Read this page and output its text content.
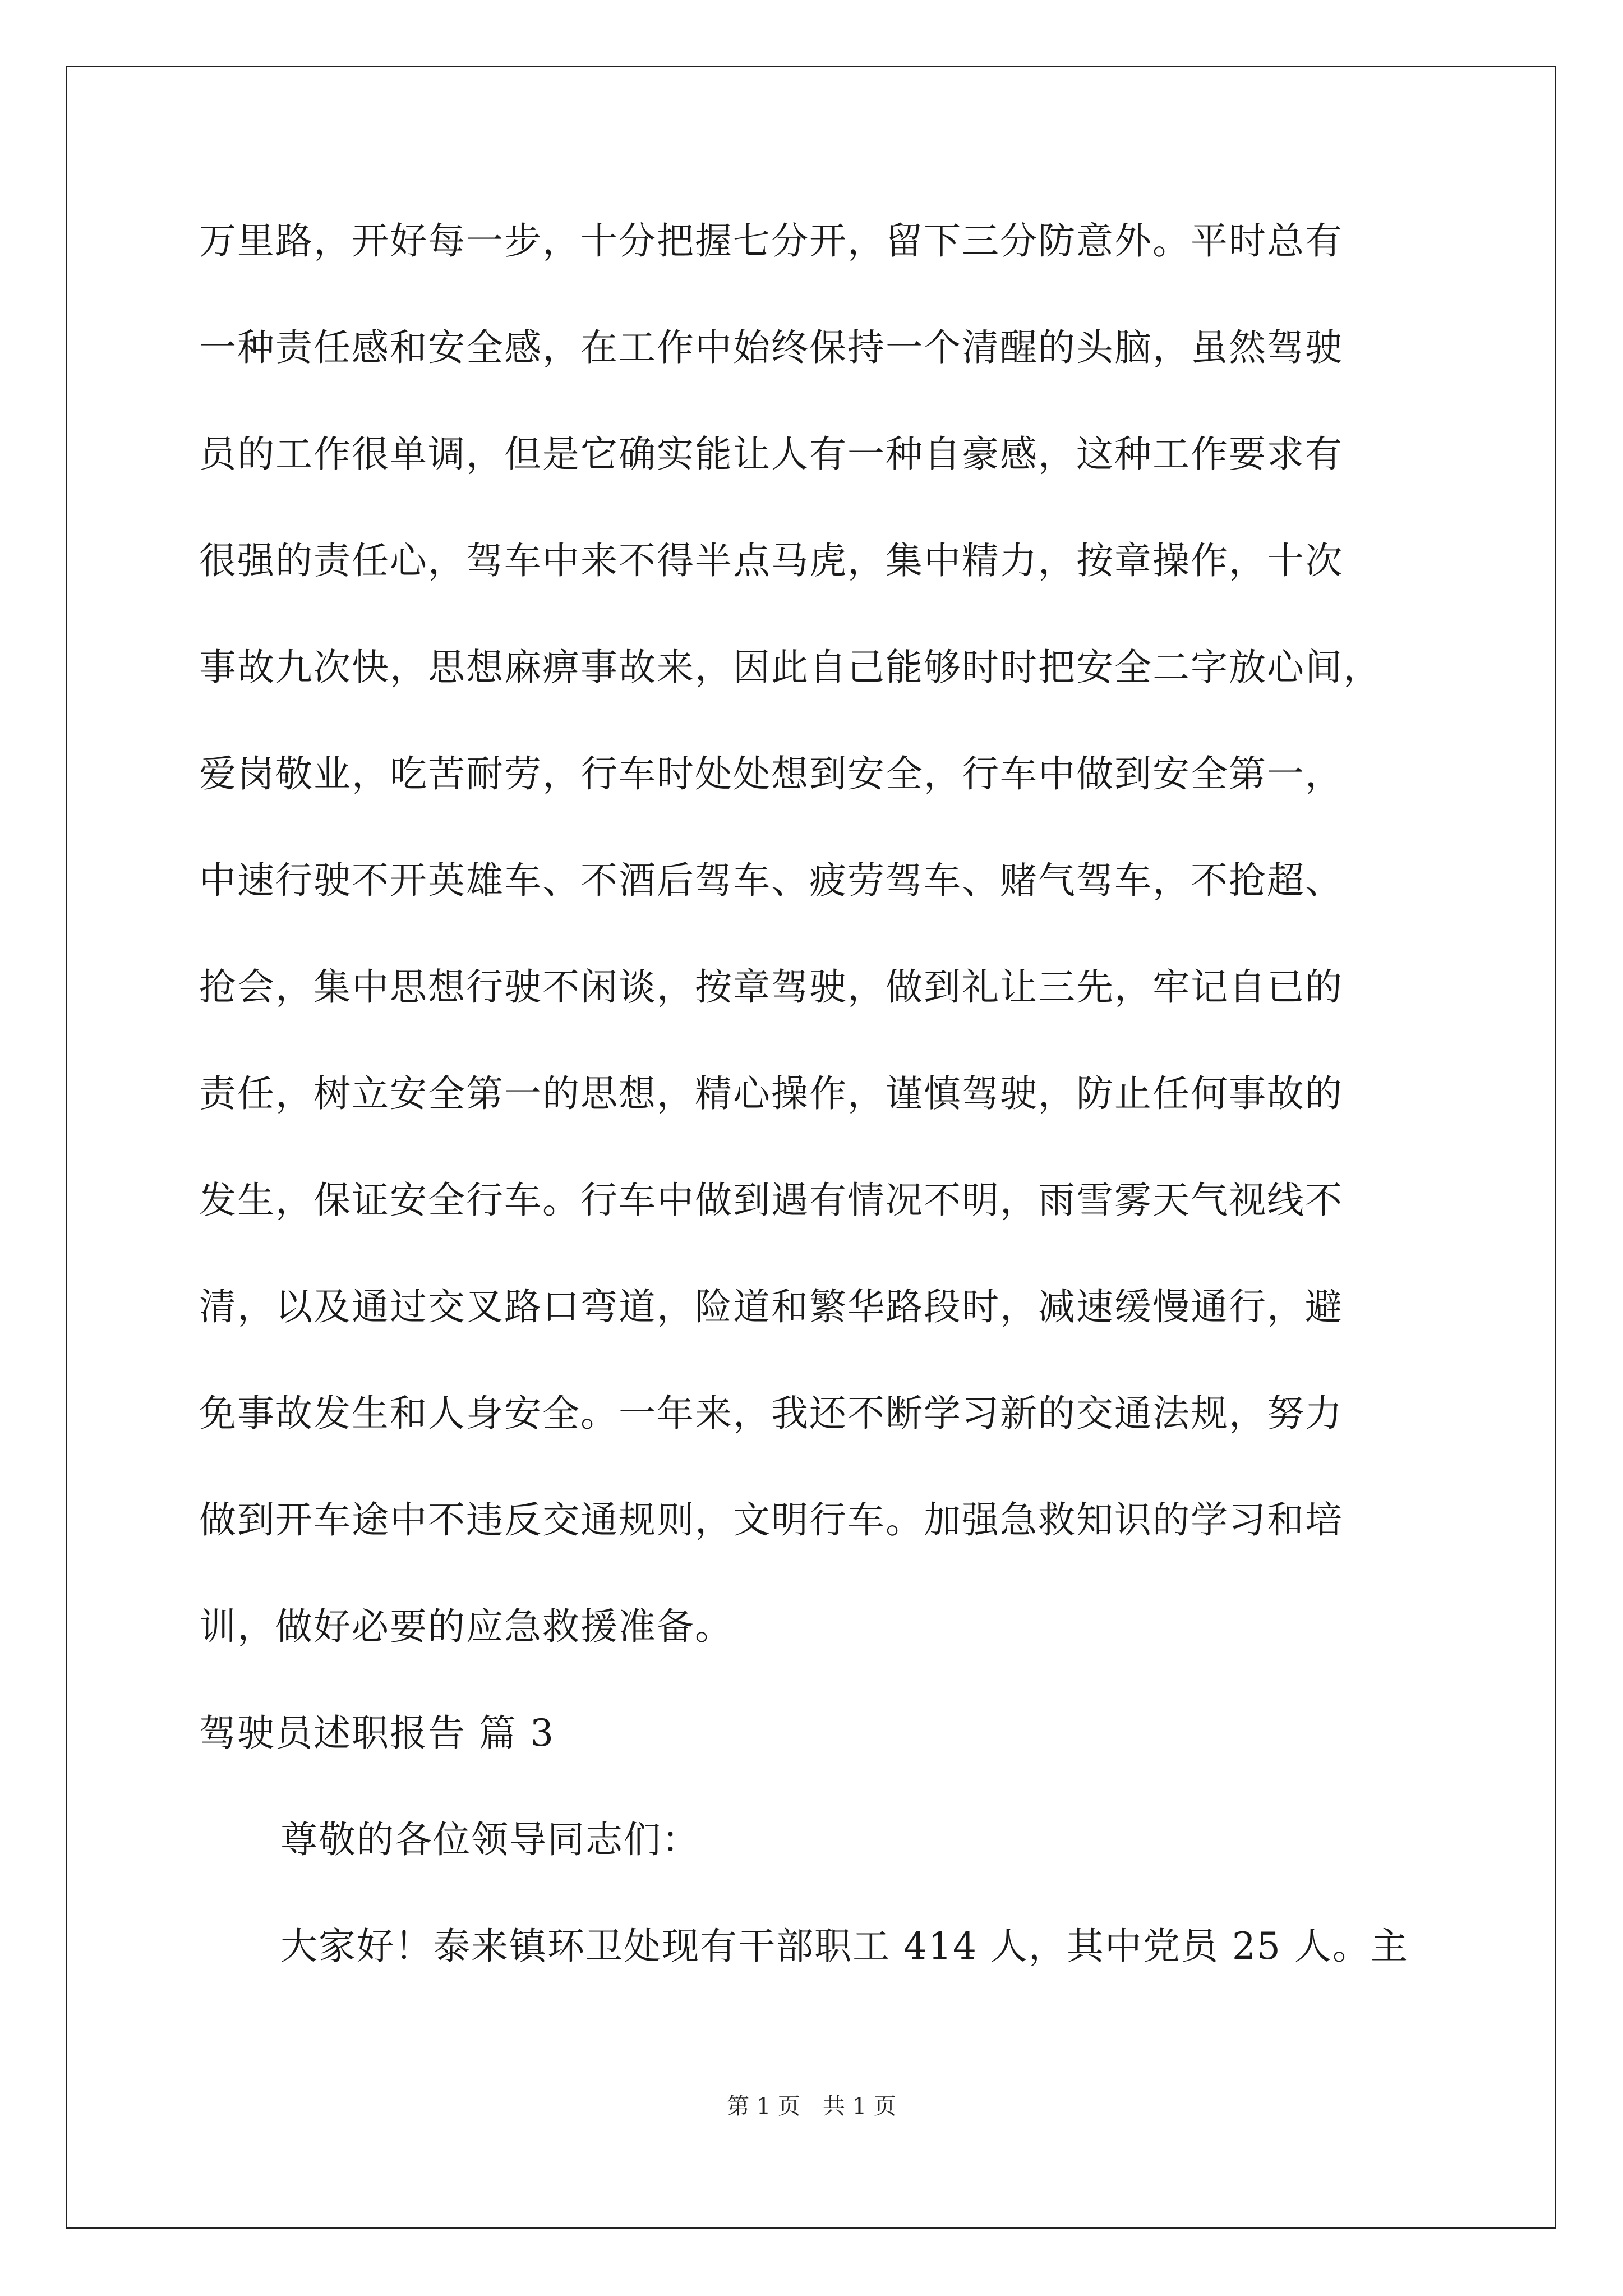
万里路，开好每一步，十分把握七分开，留下三分防意外。平时总有
一种责任感和安全感，在工作中始终保持一个清醒的头脑，虽然驾驶
员的工作很单调，但是它确实能让人有一种自豪感，这种工作要求有
很强的责任心，驾车中来不得半点马虎，集中精力，按章操作，十次
事故九次快，思想麻痹事故来，因此自己能够时时把安全二字放心间，
爱岗敬业，吃苦耐劳，行车时处处想到安全，行车中做到安全第一，
中速行驶不开英雄车、不酒后驾车、疲劳驾车、赌气驾车，不抢超、
抢会，集中思想行驶不闲谈，按章驾驶，做到礼让三先，牢记自已的
责任，树立安全第一的思想，精心操作，谨慎驾驶，防止任何事故的
发生，保证安全行车。行车中做到遇有情况不明，雨雪雾天气视线不
清，以及通过交叉路口弯道，险道和繁华路段时，减速缓慢通行，避
免事故发生和人身安全。一年来，我还不断学习新的交通法规，努力
做到开车途中不违反交通规则，文明行车。加强急救知识的学习和培
训，做好必要的应急救援准备。
驾驶员述职报告 篇 3
尊敬的各位领导同志们：
大家好！泰来镇环卫处现有干部职工 414 人，其中党员 25 人。主
第 1 页　共 1 页
